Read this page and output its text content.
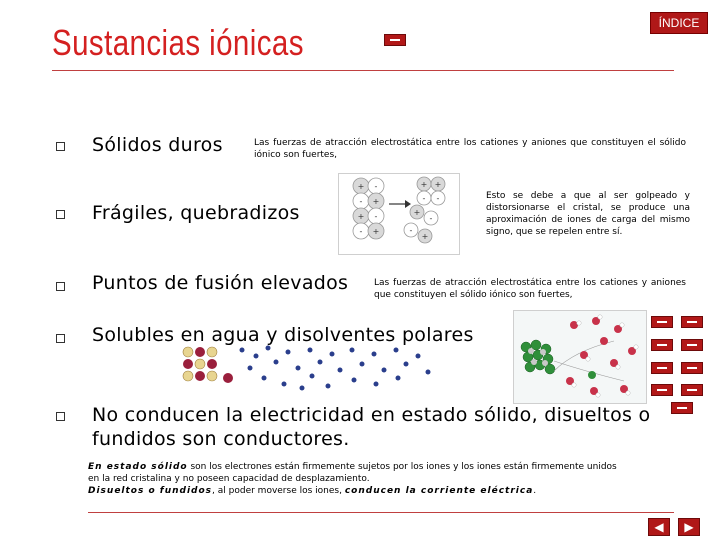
Sustancias iónicas	ÍNDICE
Sólidos duros	Las fuerzas de atracción electrostática entre los cationes y aniones que constituyen el sólido iónico son fuertes,
Frágiles, quebradizos
+ -
- +
+ -
- +
+ +
- -
+
-
-
+
Esto se debe a que al ser golpeado y distorsionarse el cristal, se produce una aproximación de iones de carga del mismo signo, que se repelen entre sí.
Puntos de fusión elevados	Las fuerzas de atracción electrostática entre los cationes y aniones que constituyen el sólido iónico son fuertes,
Solubles en agua y disolventes polares
No conducen la electricidad en estado sólido, disueltos o
fundidos son conductores.
En estado sólido son los electrones están firmemente sujetos por los iones y los iones están firmemente unidos
en la red cristalina y no poseen capacidad de desplazamiento.
Disueltos o fundidos, al poder moverse los iones, conducen la corriente eléctrica.
◀	▶
